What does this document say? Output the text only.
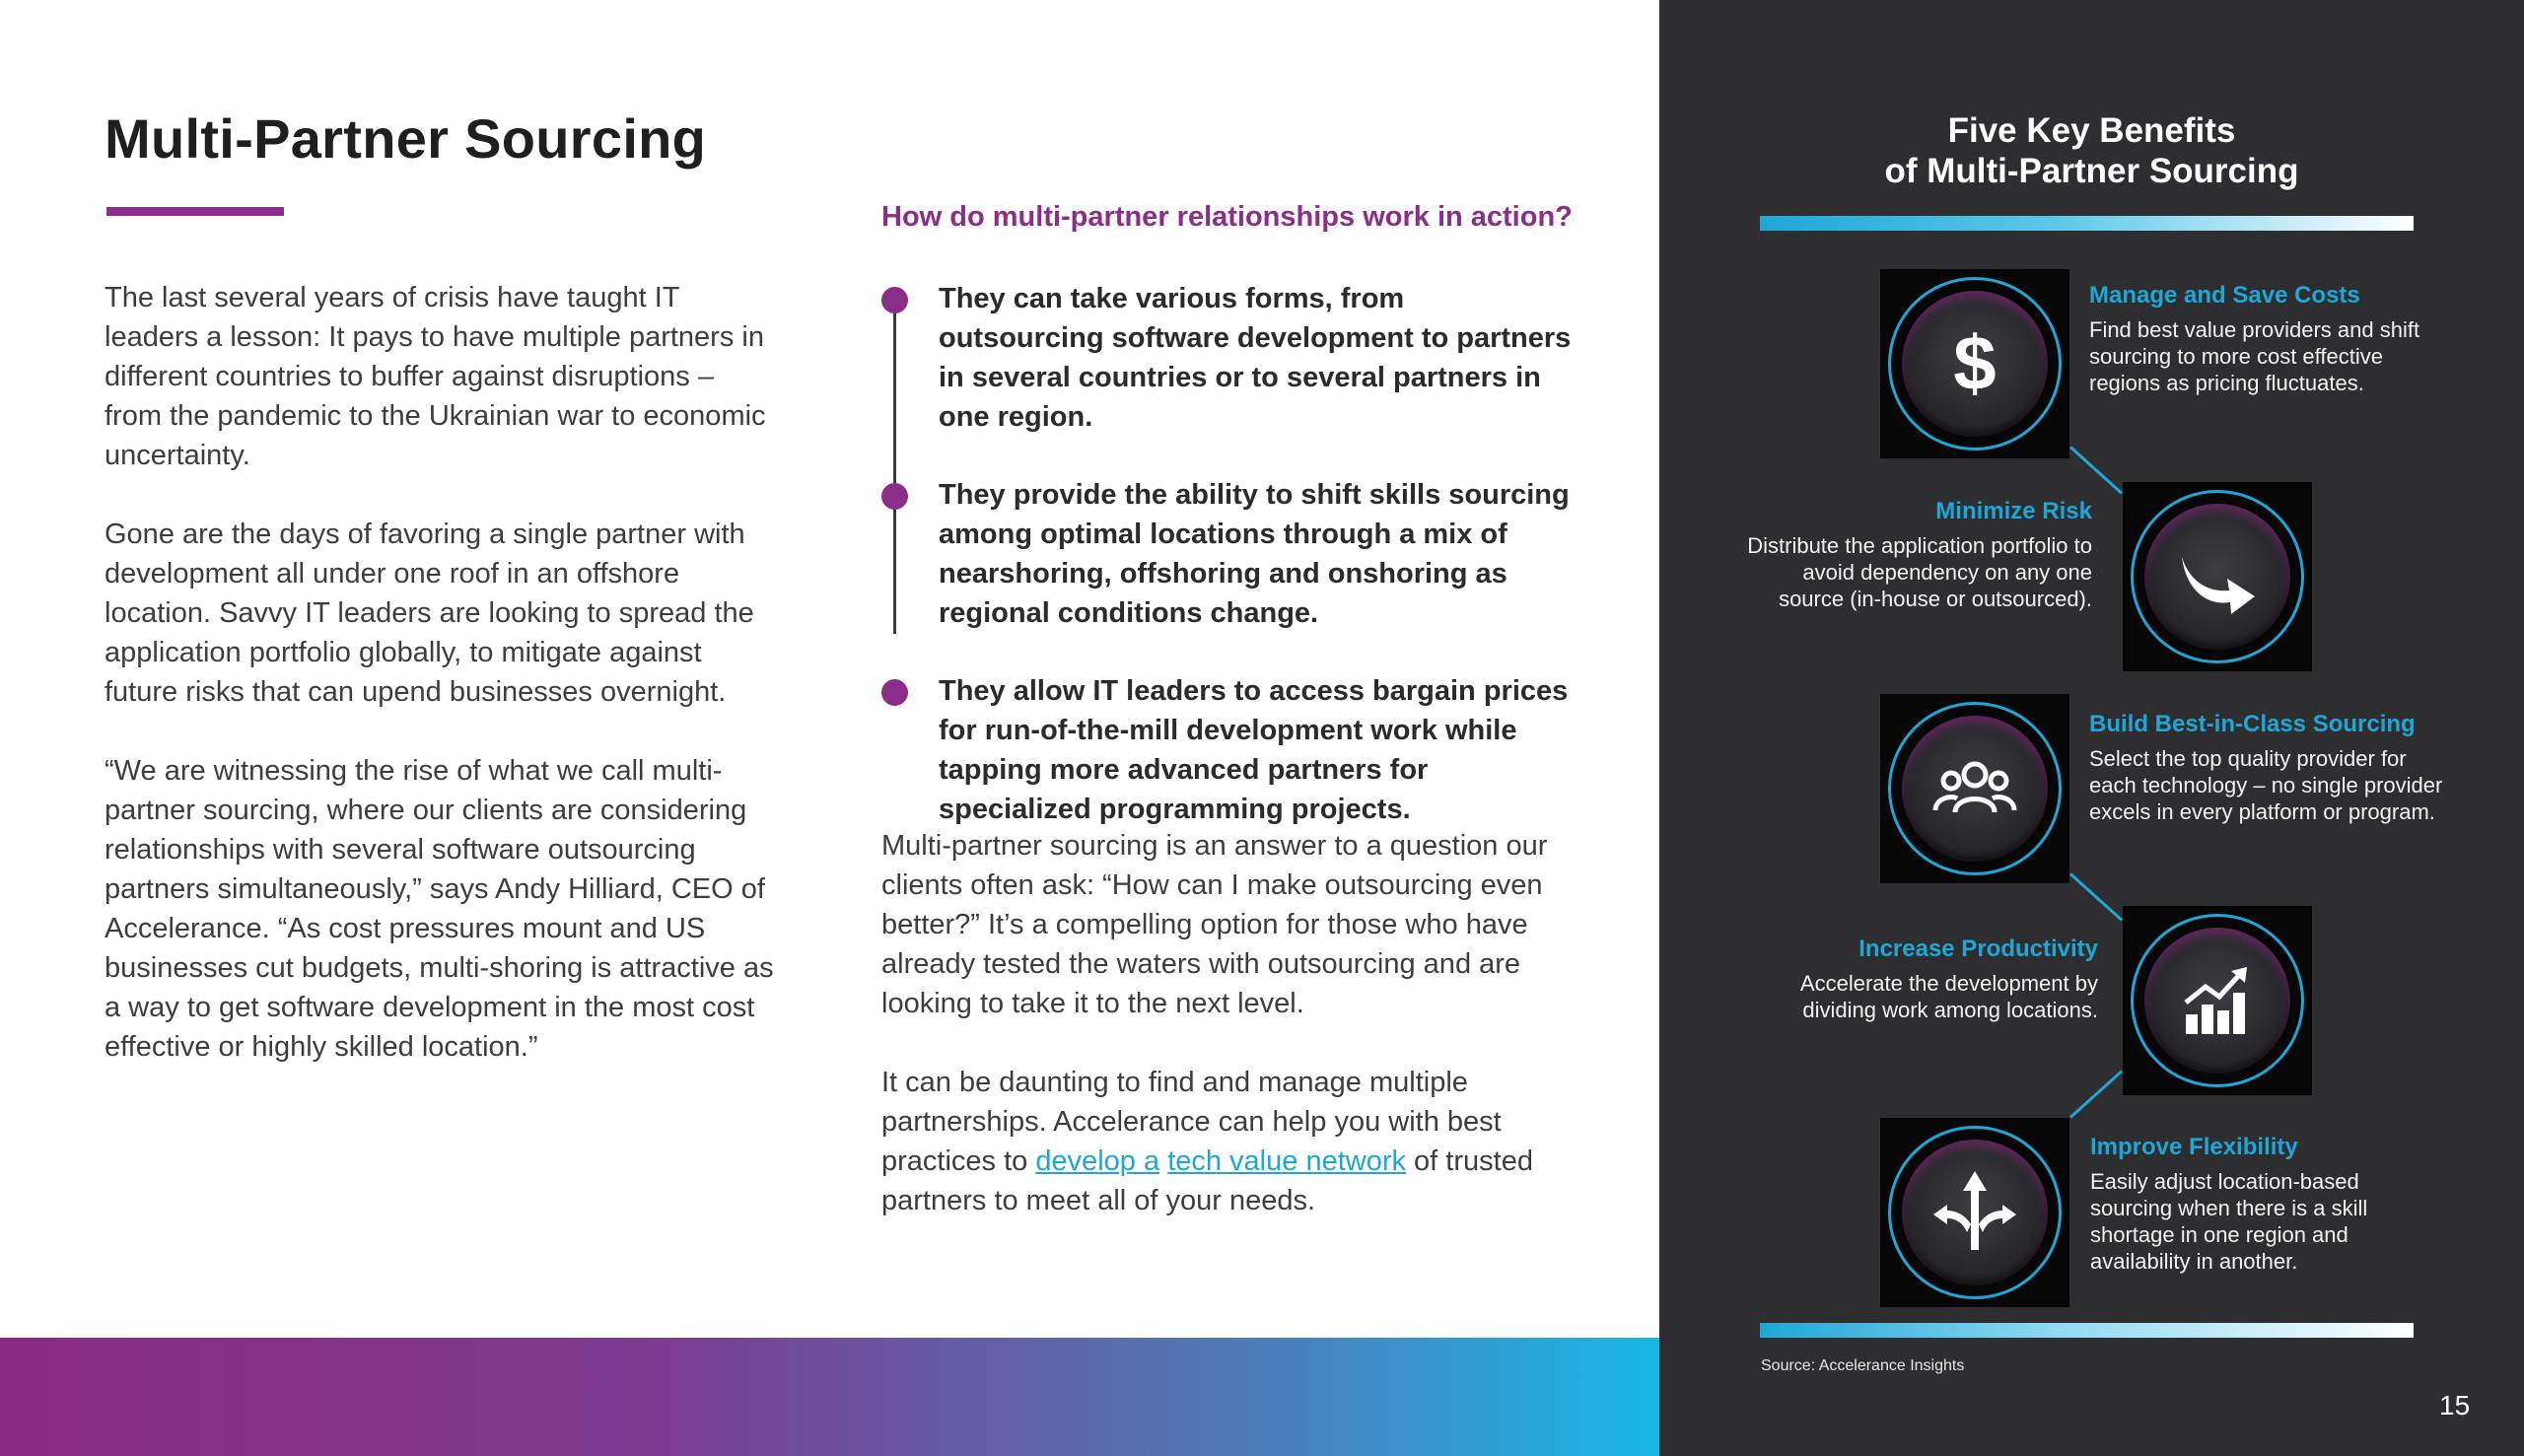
Multi-Partner Sourcing

The last several years of crisis have taught IT leaders a lesson: It pays to have multiple partners in different countries to buffer against disruptions – from the pandemic to the Ukrainian war to economic uncertainty.

Gone are the days of favoring a single partner with development all under one roof in an offshore location. Savvy IT leaders are looking to spread the application portfolio globally, to mitigate against future risks that can upend businesses overnight.

“We are witnessing the rise of what we call multi-partner sourcing, where our clients are considering relationships with several software outsourcing partners simultaneously,” says Andy Hilliard, CEO of Accelerance. “As cost pressures mount and US businesses cut budgets, multi-shoring is attractive as a way to get software development in the most cost effective or highly skilled location.”

How do multi-partner relationships work in action?
They can take various forms, from outsourcing software development to partners in several countries or to several partners in one region.
They provide the ability to shift skills sourcing among optimal locations through a mix of nearshoring, offshoring and onshoring as regional conditions change.
They allow IT leaders to access bargain prices for run-of-the-mill development work while tapping more advanced partners for specialized programming projects.

Multi-partner sourcing is an answer to a question our clients often ask: “How can I make outsourcing even better?” It’s a compelling option for those who have already tested the waters with outsourcing and are looking to take it to the next level.

It can be daunting to find and manage multiple partnerships. Accelerance can help you with best practices to develop a tech value network of trusted partners to meet all of your needs.

Five Key Benefits
of Multi-Partner Sourcing
$
Manage and Save Costs

Find best value providers and shift sourcing to more cost effective regions as pricing fluctuates.

Minimize Risk

Distribute the application portfolio to avoid dependency on any one source (in-house or outsourced).

Build Best-in-Class Sourcing

Select the top quality provider for each technology – no single provider excels in every platform or program.

Increase Productivity

Accelerate the development by dividing work among locations.

Improve Flexibility

Easily adjust location-based sourcing when there is a skill shortage in one region and availability in another.

Source: Accelerance Insights
15
